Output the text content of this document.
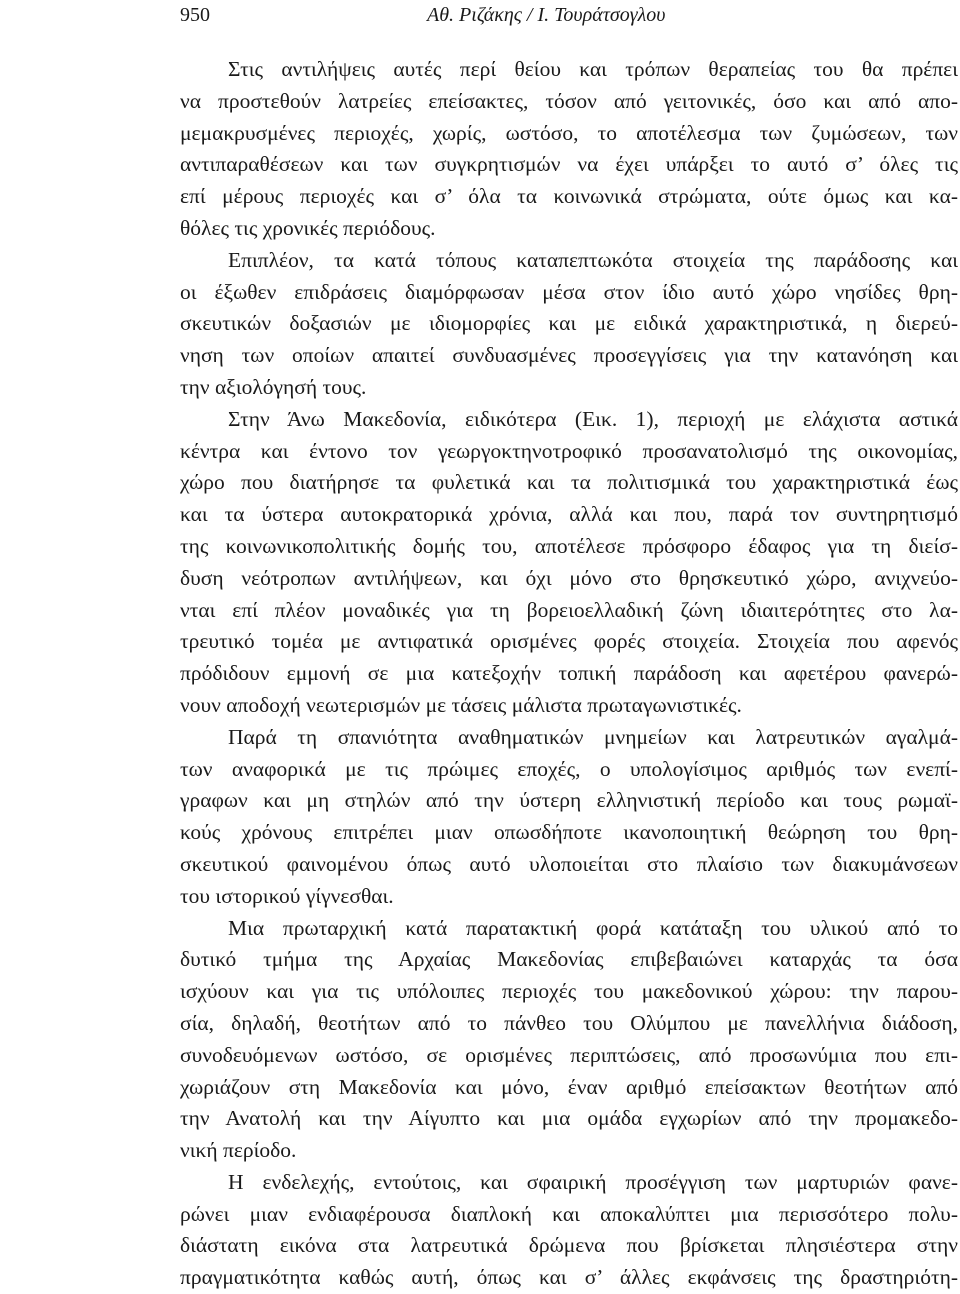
950	Αθ. Ριζάκης / Ι. Τουράτσογλου
Στις αντιλήψεις αυτές περί θείου και τρόπων θεραπείας του θα πρέπει
να προστεθούν λατρείες επείσακτες, τόσον από γειτονικές, όσο και από απο-
μεμακρυσμένες περιοχές, χωρίς, ωστόσο, το αποτέλεσμα των ζυμώσεων, των
αντιπαραθέσεων και των συγκρητισμών να έχει υπάρξει το αυτό σ’ όλες τις
επί μέρους περιοχές και σ’ όλα τα κοινωνικά στρώματα, ούτε όμως και κα-
θόλες τις χρονικές περιόδους.
Επιπλέον, τα κατά τόπους καταπεπτωκότα στοιχεία της παράδοσης και
οι έξωθεν επιδράσεις διαμόρφωσαν μέσα στον ίδιο αυτό χώρο νησίδες θρη-
σκευτικών δοξασιών με ιδιομορφίες και με ειδικά χαρακτηριστικά, η διερεύ-
νηση των οποίων απαιτεί συνδυασμένες προσεγγίσεις για την κατανόηση και
την αξιολόγησή τους.
Στην Άνω Μακεδονία, ειδικότερα (Εικ. 1), περιοχή με ελάχιστα αστικά
κέντρα και έντονο τον γεωργοκτηνοτροφικό προσανατολισμό της οικονομίας,
χώρο που διατήρησε τα φυλετικά και τα πολιτισμικά του χαρακτηριστικά έως
και τα ύστερα αυτοκρατορικά χρόνια, αλλά και που, παρά τον συντηρητισμό
της κοινωνικοπολιτικής δομής του, αποτέλεσε πρόσφορο έδαφος για τη διείσ-
δυση νεότροπων αντιλήψεων, και όχι μόνο στο θρησκευτικό χώρο, ανιχνεύο-
νται επί πλέον μοναδικές για τη βορειοελλαδική ζώνη ιδιαιτερότητες στο λα-
τρευτικό τομέα με αντιφατικά ορισμένες φορές στοιχεία. Στοιχεία που αφενός
πρόδιδουν εμμονή σε μια κατεξοχήν τοπική παράδοση και αφετέρου φανερώ-
νουν αποδοχή νεωτερισμών με τάσεις μάλιστα πρωταγωνιστικές.
Παρά τη σπανιότητα αναθηματικών μνημείων και λατρευτικών αγαλμά-
των αναφορικά με τις πρώιμες εποχές, ο υπολογίσιμος αριθμός των ενεπί-
γραφων και μη στηλών από την ύστερη ελληνιστική περίοδο και τους ρωμαϊ-
κούς χρόνους επιτρέπει μιαν οπωσδήποτε ικανοποιητική θεώρηση του θρη-
σκευτικού φαινομένου όπως αυτό υλοποιείται στο πλαίσιο των διακυμάνσεων
του ιστορικού γίγνεσθαι.
Μια πρωταρχική κατά παρατακτική φορά κατάταξη του υλικού από το
δυτικό τμήμα της Αρχαίας Μακεδονίας επιβεβαιώνει καταρχάς τα όσα
ισχύουν και για τις υπόλοιπες περιοχές του μακεδονικού χώρου: την παρου-
σία, δηλαδή, θεοτήτων από το πάνθεο του Ολύμπου με πανελλήνια διάδοση,
συνοδευόμενων ωστόσο, σε ορισμένες περιπτώσεις, από προσωνύμια που επι-
χωριάζουν στη Μακεδονία και μόνο, έναν αριθμό επείσακτων θεοτήτων από
την Ανατολή και την Αίγυπτο και μια ομάδα εγχωρίων από την προμακεδο-
νική περίοδο.
Η ενδελεχής, εντούτοις, και σφαιρική προσέγγιση των μαρτυριών φανε-
ρώνει μιαν ενδιαφέρουσα διαπλοκή και αποκαλύπτει μια περισσότερο πολυ-
διάστατη εικόνα στα λατρευτικά δρώμενα που βρίσκεται πλησιέστερα στην
πραγματικότητα καθώς αυτή, όπως και σ’ άλλες εκφάνσεις της δραστηριότη-
